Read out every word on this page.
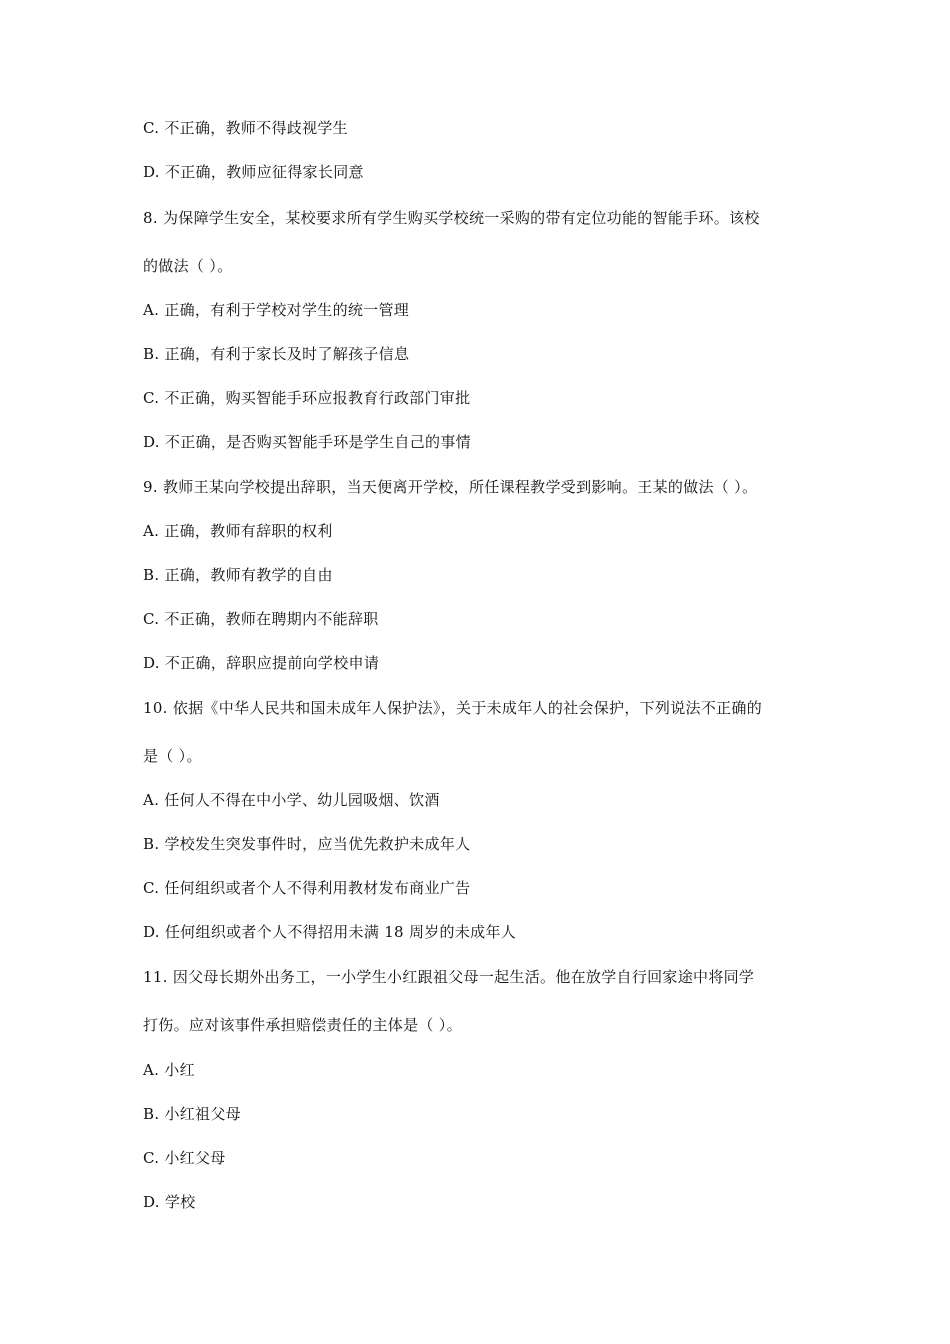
C. 不正确，教师不得歧视学生
D. 不正确，教师应征得家长同意
8. 为保障学生安全，某校要求所有学生购买学校统一采购的带有定位功能的智能手环。该校
的做法（ ）。
A. 正确，有利于学校对学生的统一管理
B. 正确，有利于家长及时了解孩子信息
C. 不正确，购买智能手环应报教育行政部门审批
D. 不正确，是否购买智能手环是学生自己的事情
9. 教师王某向学校提出辞职，当天便离开学校，所任课程教学受到影响。王某的做法（ ）。
A. 正确，教师有辞职的权利
B. 正确，教师有教学的自由
C. 不正确，教师在聘期内不能辞职
D. 不正确，辞职应提前向学校申请
10. 依据《中华人民共和国未成年人保护法》，关于未成年人的社会保护，下列说法不正确的
是（ ）。
A. 任何人不得在中小学、幼儿园吸烟、饮酒
B. 学校发生突发事件时，应当优先救护未成年人
C. 任何组织或者个人不得利用教材发布商业广告
D. 任何组织或者个人不得招用未满 18 周岁的未成年人
11. 因父母长期外出务工，一小学生小红跟祖父母一起生活。他在放学自行回家途中将同学
打伤。应对该事件承担赔偿责任的主体是（ ）。
A. 小红
B. 小红祖父母
C. 小红父母
D. 学校
